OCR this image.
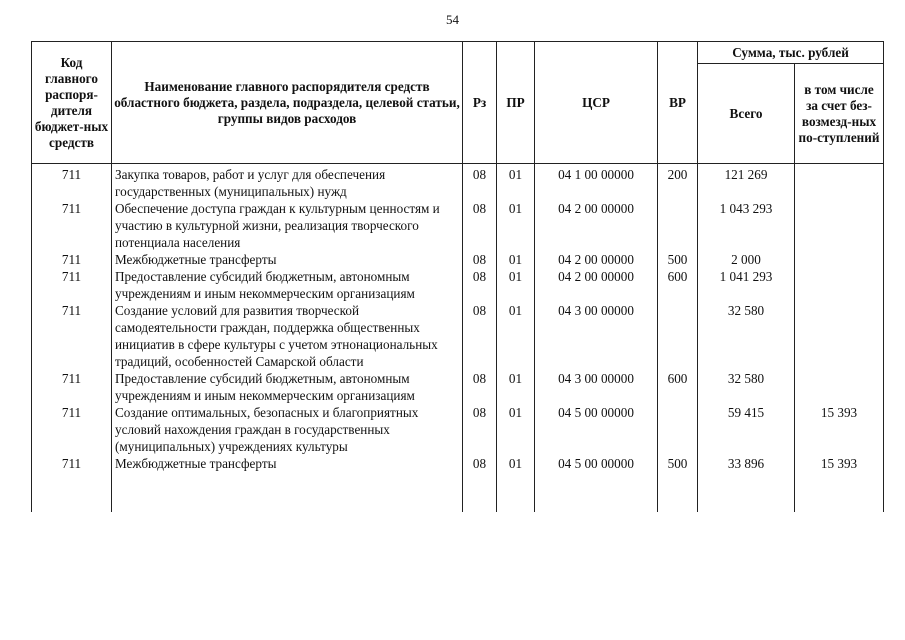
54
Код главного распоря-дителя бюджет-ных средств	Наименование главного распорядителя средств областного бюджета, раздела, подраздела, целевой статьи, группы видов расходов	Рз	ПР	ЦСР	ВР	Сумма, тыс. рублей	
						Всего	в том числе за счет без-возмезд-ных по-ступлений
711	Закупка товаров, работ и услуг для обеспечения государственных (муниципальных) нужд	08	01	04 1 00 00000	200	121 269	
711	Обеспечение доступа граждан к культурным ценностям и участию в культурной жизни, реализация творческого потенциала населения	08	01	04 2 00 00000		1 043 293	
711	Межбюджетные трансферты	08	01	04 2 00 00000	500	2 000	
711	Предоставление субсидий бюджетным, автономным учреждениям и иным некоммерческим организациям	08	01	04 2 00 00000	600	1 041 293	
711	Создание условий для развития творческой самодеятельности граждан, поддержка общественных инициатив в сфере культуры с учетом этнонациональных традиций, особенностей Самарской области	08	01	04 3 00 00000		32 580	
711	Предоставление субсидий бюджетным, автономным учреждениям и иным некоммерческим организациям	08	01	04 3 00 00000	600	32 580	
711	Создание оптимальных, безопасных и благоприятных условий нахождения граждан в государственных (муниципальных) учреждениях культуры	08	01	04 5 00 00000		59 415	15 393
711	Межбюджетные трансферты	08	01	04 5 00 00000	500	33 896	15 393
